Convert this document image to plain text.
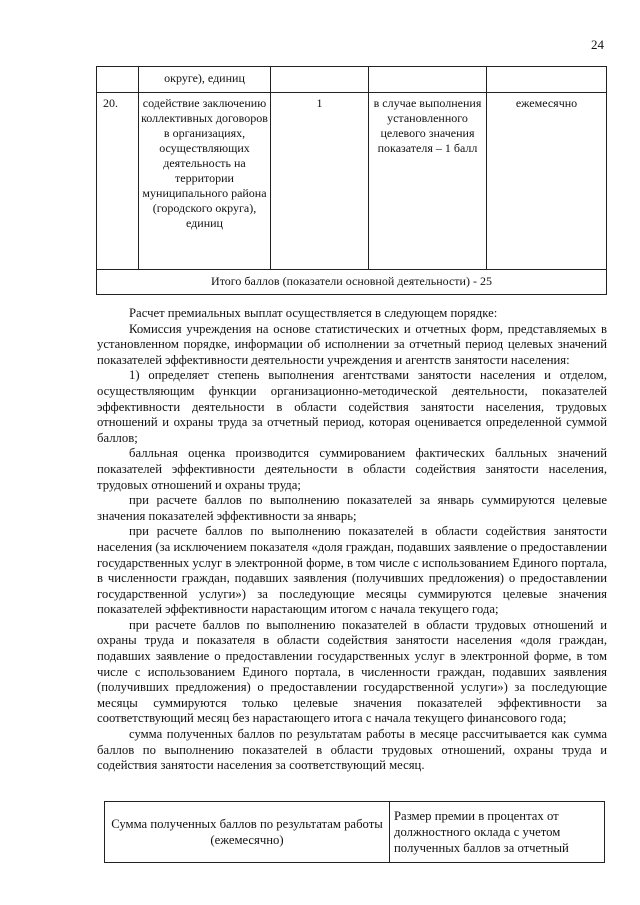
24
	округе), единиц			
20.	содействие заключению коллективных договоров в организациях, осуществляющих деятельность на территории муниципального района (городского округа), единиц	1	в случае выполнения установленного целевого значения показателя – 1 балл	ежемесячно
Итого баллов (показатели основной деятельности) - 25				

Расчет премиальных выплат осуществляется в следующем порядке:

Комиссия учреждения на основе статистических и отчетных форм, представляемых в установленном порядке, информации об исполнении за отчетный период целевых значений показателей эффективности деятельности учреждения и агентств занятости населения:

1) определяет степень выполнения агентствами занятости населения и отделом, осуществляющим функции организационно-методической деятельности, показателей эффективности деятельности в области содействия занятости населения, трудовых отношений и охраны труда за отчетный период, которая оценивается определенной суммой баллов;

балльная оценка производится суммированием фактических балльных значений показателей эффективности деятельности в области содействия занятости населения, трудовых отношений и охраны труда;

при расчете баллов по выполнению показателей за январь суммируются целевые значения показателей эффективности за январь;

при расчете баллов по выполнению показателей в области содействия занятости населения (за исключением показателя «доля граждан, подавших заявление о предоставлении государственных услуг в электронной форме, в том числе с использованием Единого портала, в численности граждан, подавших заявления (получивших предложения) о предоставлении государственной услуги») за последующие месяцы суммируются целевые значения показателей эффективности нарастающим итогом с начала текущего года;

при расчете баллов по выполнению показателей в области трудовых отношений и охраны труда и показателя в области содействия занятости населения «доля граждан, подавших заявление о предоставлении государственных услуг в электронной форме, в том числе с использованием Единого портала, в численности граждан, подавших заявления (получивших предложения) о предоставлении государственной услуги») за последующие месяцы суммируются только целевые значения показателей эффективности за соответствующий месяц без нарастающего итога с начала текущего финансового года;

сумма полученных баллов по результатам работы в месяце рассчитывается как сумма баллов по выполнению показателей в области трудовых отношений, охраны труда и содействия занятости населения за соответствующий месяц.

Сумма полученных баллов по результатам работы (ежемесячно)	Размер премии в процентах от должностного оклада с учетом полученных баллов за отчетный
